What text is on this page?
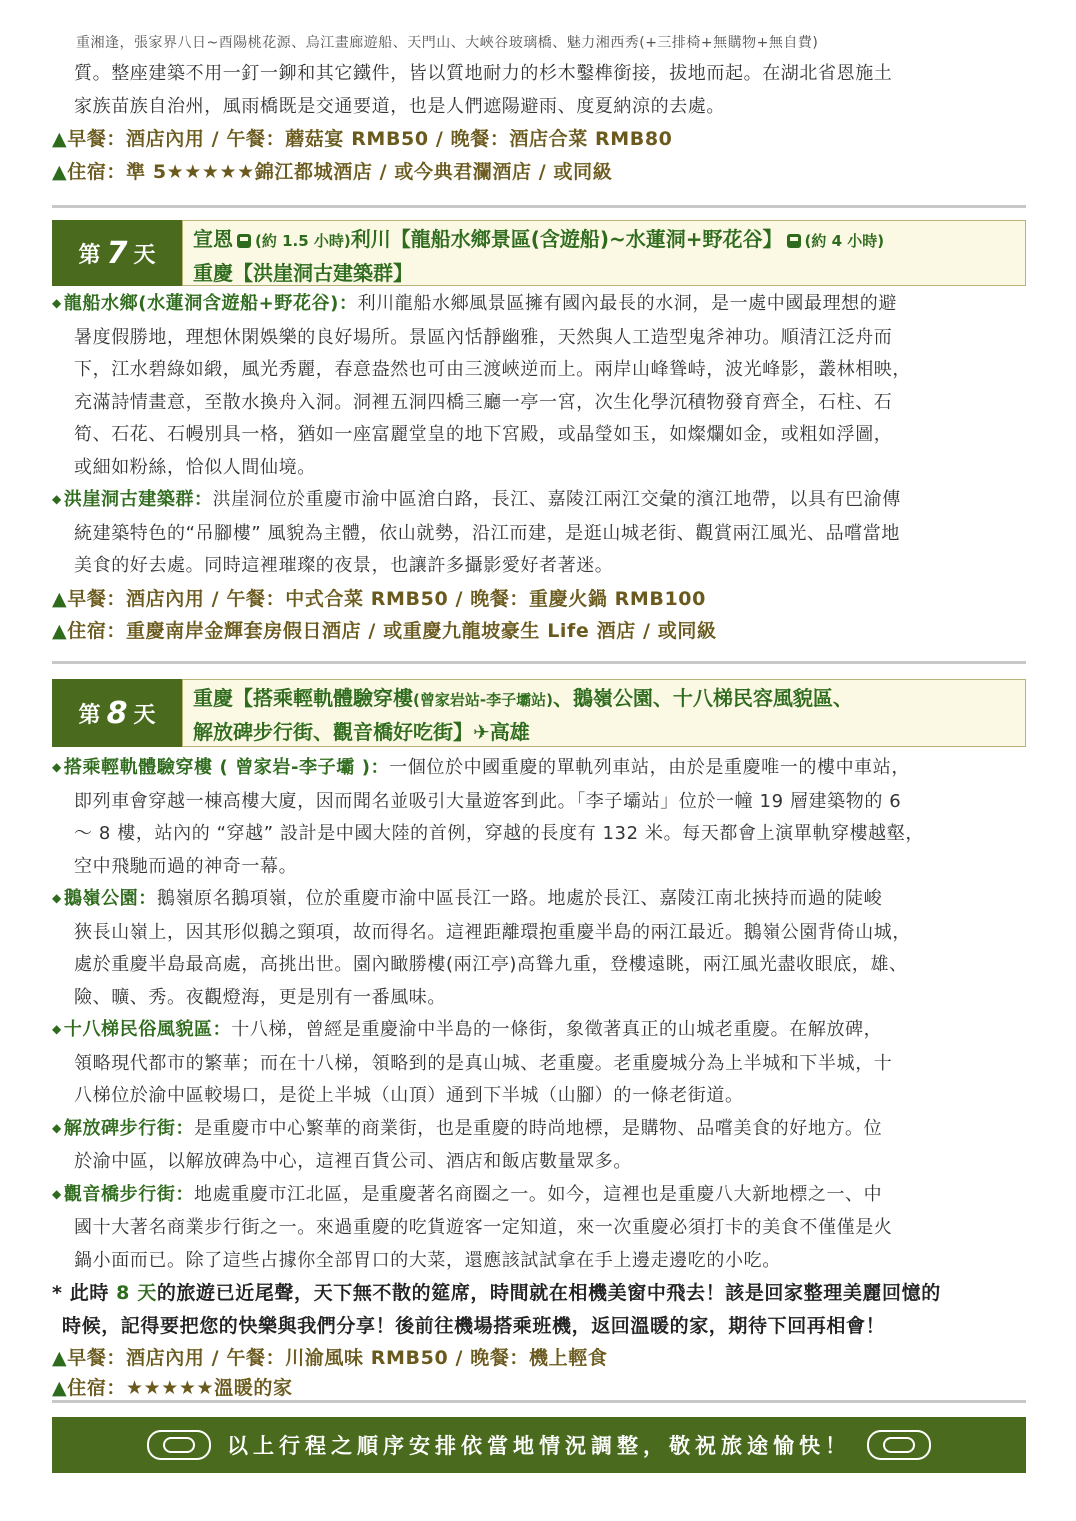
重湘逢，張家界八日~酉陽桃花源、烏江畫廊遊船、天門山、大峽谷玻璃橋、魅力湘西秀(+三排椅+無購物+無自費)

質。整座建築不用一釘一鉚和其它鐵件，皆以質地耐力的杉木鑿榫銜接，拔地而起。在湖北省恩施土

家族苗族自治州，風雨橋既是交通要道，也是人們遮陽避雨、度夏納涼的去處。

▲早餐：酒店內用 / 午餐：蘑菇宴 RMB50 / 晚餐：酒店合菜 RMB80

▲住宿：準 5★★★★★錦江都城酒店 / 或今典君瀾酒店 / 或同級

第 7 天
宣恩 (約 1.5 小時)利川【龍船水鄉景區(含遊船)~水蓮洞+野花谷】 (約 4 小時)
重慶【洪崖洞古建築群】

◆ 龍船水鄉(水蓮洞含遊船+野花谷)：利川龍船水鄉風景區擁有國內最長的水洞，是一處中國最理想的避

暑度假勝地，理想休閑娛樂的良好場所。景區內恬靜幽雅，天然與人工造型鬼斧神功。順清江泛舟而

下，江水碧綠如緞，風光秀麗，春意盎然也可由三渡峽逆而上。兩岸山峰聳峙，波光峰影，叢林相映，

充滿詩情畫意，至散水換舟入洞。洞裡五洞四橋三廳一亭一宮，次生化學沉積物發育齊全，石柱、石

筍、石花、石幔別具一格，猶如一座富麗堂皇的地下宮殿，或晶瑩如玉，如燦爛如金，或粗如浮圖，

或細如粉絲，恰似人間仙境。

◆ 洪崖洞古建築群：洪崖洞位於重慶市渝中區滄白路，長江、嘉陵江兩江交彙的濱江地帶，以具有巴渝傳

統建築特色的“吊腳樓” 風貌為主體，依山就勢，沿江而建，是逛山城老街、觀賞兩江風光、品嚐當地

美食的好去處。同時這裡璀璨的夜景，也讓許多攝影愛好者著迷。

▲早餐：酒店內用 / 午餐：中式合菜 RMB50 / 晚餐：重慶火鍋 RMB100

▲住宿：重慶南岸金輝套房假日酒店 / 或重慶九龍坡豪生 Life 酒店 / 或同級

第 8 天
重慶【搭乘輕軌體驗穿樓(曾家岩站-李子壩站)、鵝嶺公園、十八梯民容風貌區、
解放碑步行街、觀音橋好吃街】✈高雄

◆ 搭乘輕軌體驗穿樓 ( 曾家岩-李子壩 )：一個位於中國重慶的單軌列車站，由於是重慶唯一的樓中車站，

即列車會穿越一棟高樓大廈，因而聞名並吸引大量遊客到此。「李子壩站」位於一幢 19 層建築物的 6

～ 8 樓，站內的 “穿越” 設計是中國大陸的首例，穿越的長度有 132 米。每天都會上演單軌穿樓越壑，

空中飛馳而過的神奇一幕。

◆ 鵝嶺公園：鵝嶺原名鵝項嶺，位於重慶市渝中區長江一路。地處於長江、嘉陵江南北挾持而過的陡峻

狹長山嶺上，因其形似鵝之頸項，故而得名。這裡距離環抱重慶半島的兩江最近。鵝嶺公園背倚山城，

處於重慶半島最高處，高挑出世。園內瞰勝樓(兩江亭)高聳九重，登樓遠眺，兩江風光盡收眼底，雄、

險、曠、秀。夜觀燈海，更是別有一番風味。

◆ 十八梯民俗風貌區：十八梯，曾經是重慶渝中半島的一條街，象徵著真正的山城老重慶。在解放碑，

領略現代都市的繁華；而在十八梯，領略到的是真山城、老重慶。老重慶城分為上半城和下半城，十

八梯位於渝中區較場口，是從上半城（山頂）通到下半城（山腳）的一條老街道。

◆ 解放碑步行街：是重慶市中心繁華的商業街，也是重慶的時尚地標，是購物、品嚐美食的好地方。位

於渝中區，以解放碑為中心，這裡百貨公司、酒店和飯店數量眾多。

◆ 觀音橋步行街：地處重慶市江北區，是重慶著名商圈之一。如今，這裡也是重慶八大新地標之一、中

國十大著名商業步行街之一。來過重慶的吃貨遊客一定知道，來一次重慶必須打卡的美食不僅僅是火

鍋小面而已。除了這些占據你全部胃口的大菜，還應該試試拿在手上邊走邊吃的小吃。

* 此時 8 天的旅遊已近尾聲，天下無不散的筵席，時間就在相機美窗中飛去！該是回家整理美麗回憶的

時候，記得要把您的快樂與我們分享！後前往機場搭乘班機，返回溫暖的家，期待下回再相會！

▲早餐：酒店內用 / 午餐：川渝風味 RMB50 / 晚餐：機上輕食

▲住宿：★★★★★溫暖的家

以上行程之順序安排依當地情況調整，敬祝旅途愉快！
